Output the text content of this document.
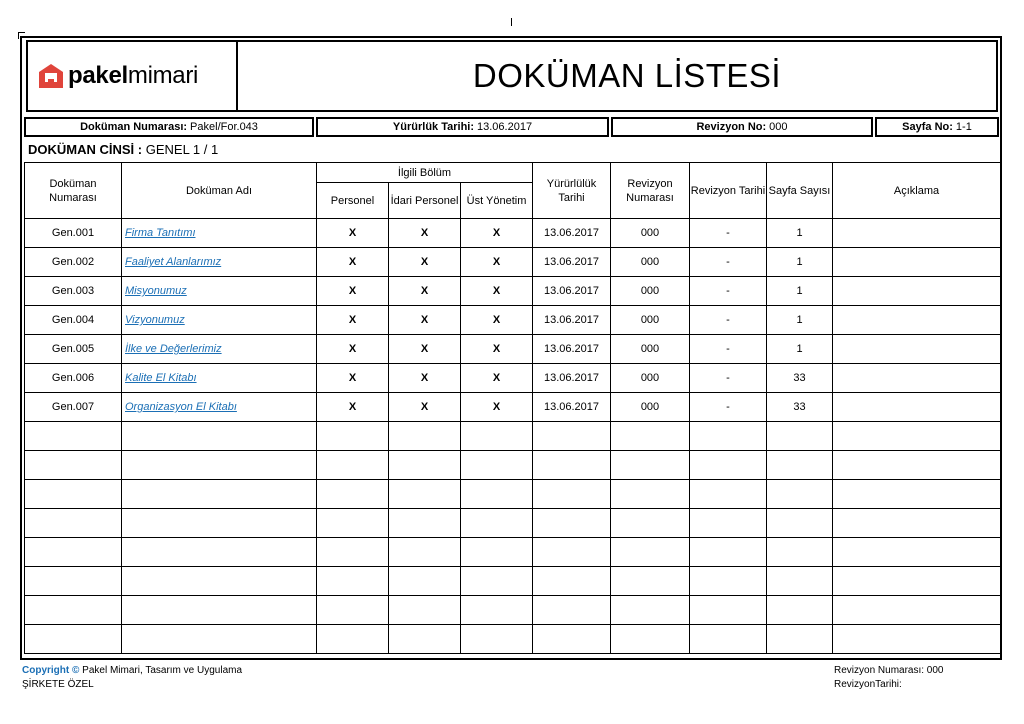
pakelmimari	DOKÜMAN LİSTESİ
Doküman Numarası: Pakel/For.043	Yürürlük Tarihi: 13.06.2017	Revizyon No: 000	Sayfa No: 1-1
DOKÜMAN CİNSİ : GENEL 1 / 1
Doküman Numarası	Doküman Adı	İlgili Bölüm			Yürürlülük Tarihi	Revizyon Numarası	Revizyon Tarihi	Sayfa Sayısı	Açıklama
		Personel	İdari Personel	Üst Yönetim					
Gen.001	Firma Tanıtımı	X	X	X	13.06.2017	000	-	1	
Gen.002	Faaliyet Alanlarımız	X	X	X	13.06.2017	000	-	1	
Gen.003	Misyonumuz	X	X	X	13.06.2017	000	-	1	
Gen.004	Vizyonumuz	X	X	X	13.06.2017	000	-	1	
Gen.005	İlke ve Değerlerimiz	X	X	X	13.06.2017	000	-	1	
Gen.006	Kalite El Kitabı	X	X	X	13.06.2017	000	-	33	
Gen.007	Organizasyon El Kitabı	X	X	X	13.06.2017	000	-	33	

Copyright © Pakel Mimari, Tasarım ve Uygulama
ŞİRKETE ÖZEL
Revizyon Numarası: 000
RevizyonTarihi:
